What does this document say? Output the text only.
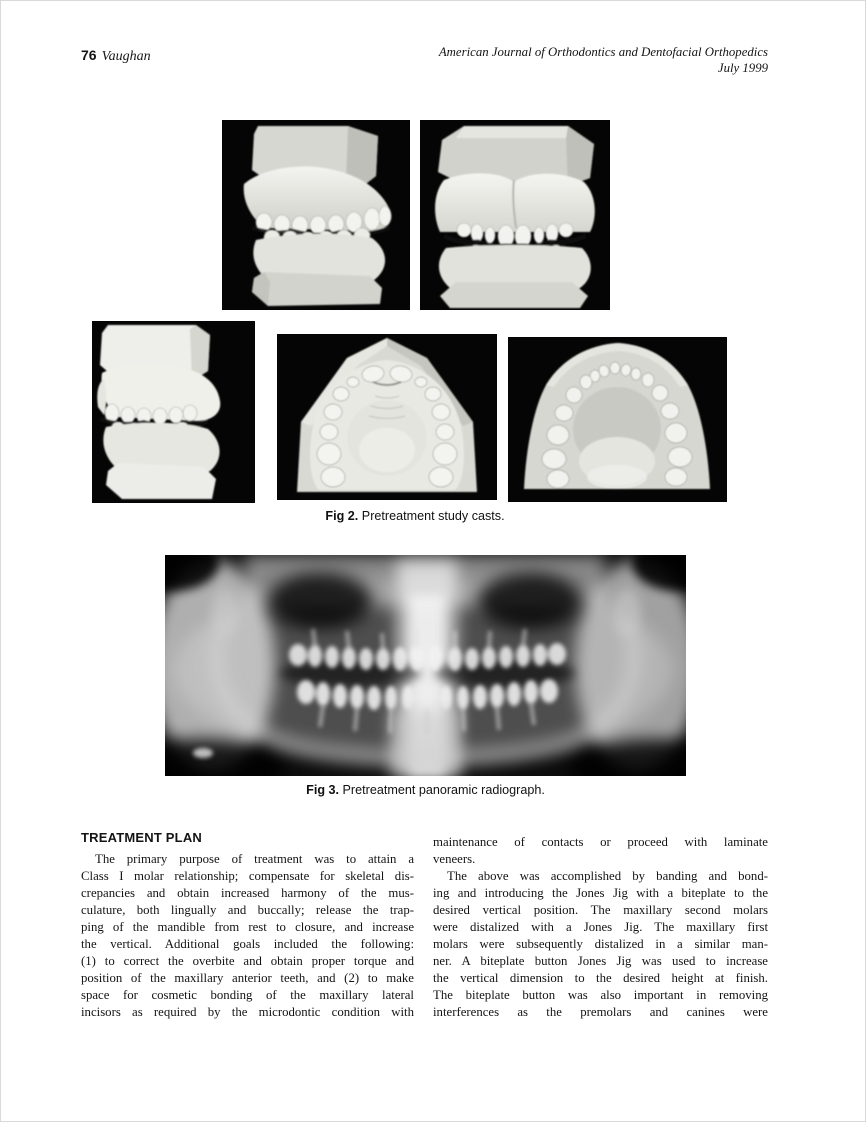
76 Vaughan	American Journal of Orthodontics and Dentofacial Orthopedics
July 1999
Fig 2. Pretreatment study casts.
Fig 3. Pretreatment panoramic radiograph.
TREATMENT PLAN
The primary purpose of treatment was to attain a
Class I molar relationship; compensate for skeletal dis-
crepancies and obtain increased harmony of the mus-
culature, both lingually and buccally; release the trap-
ping of the mandible from rest to closure, and increase
the vertical. Additional goals included the following:
(1) to correct the overbite and obtain proper torque and
position of the maxillary anterior teeth, and (2) to make
space for cosmetic bonding of the maxillary lateral
incisors as required by the microdontic condition with
maintenance of contacts or proceed with laminate
veneers.
The above was accomplished by banding and bond-
ing and introducing the Jones Jig with a biteplate to the
desired vertical position. The maxillary second molars
were distalized with a Jones Jig. The maxillary first
molars were subsequently distalized in a similar man-
ner. A biteplate button Jones Jig was used to increase
the vertical dimension to the desired height at finish.
The biteplate button was also important in removing
interferences as the premolars and canines were
